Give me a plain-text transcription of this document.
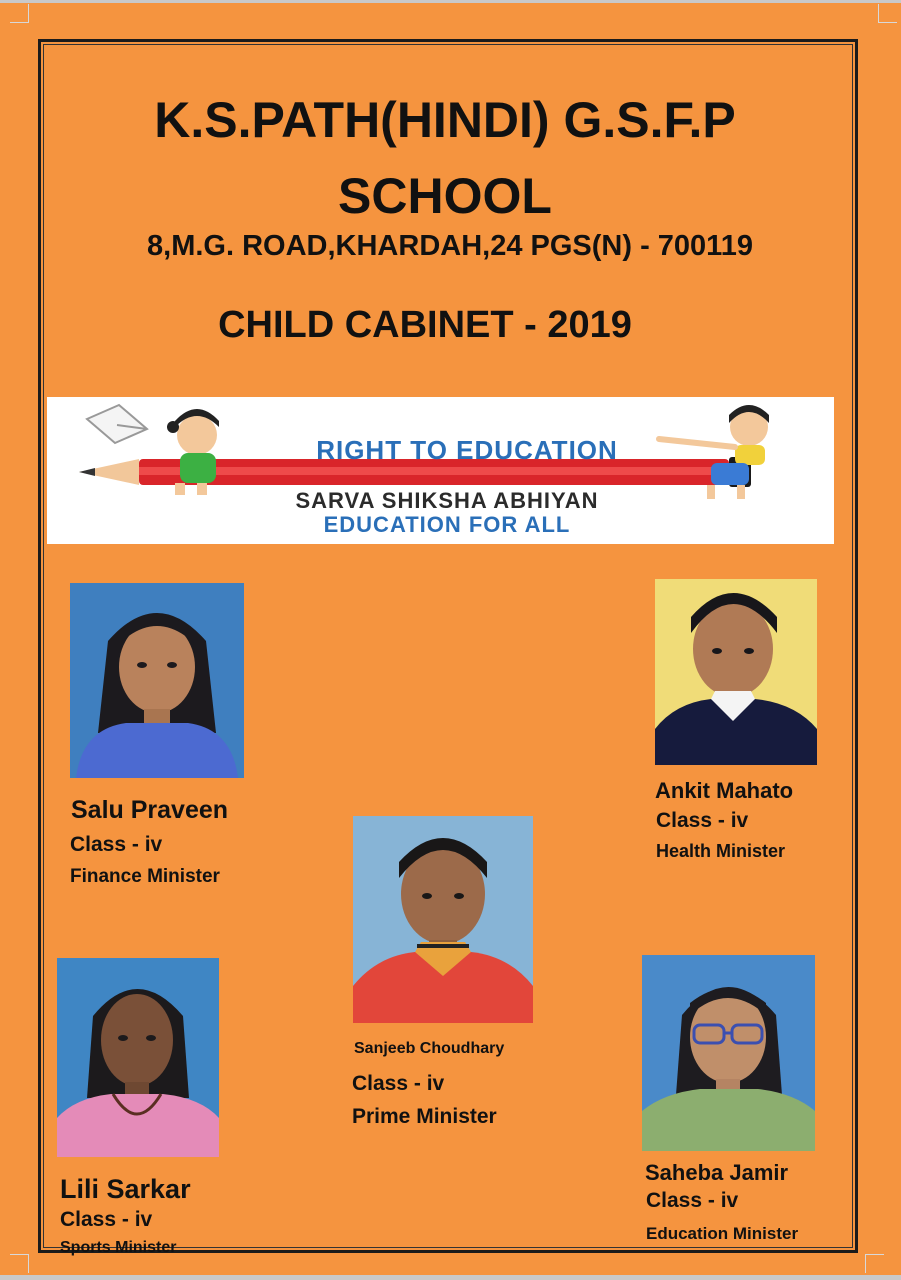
K.S.PATH(HINDI) G.S.F.P
SCHOOL
8,M.G. ROAD,KHARDAH,24 PGS(N) - 700119
CHILD CABINET - 2019
RIGHT TO EDUCATION
SARVA SHIKSHA ABHIYAN
EDUCATION FOR ALL
Salu Praveen
Class - iv
Finance Minister
Ankit Mahato
Class - iv
Health Minister
Sanjeeb Choudhary
Class - iv
Prime Minister
Lili Sarkar
Class - iv
Sports Minister
Saheba Jamir
Class - iv
Education Minister
